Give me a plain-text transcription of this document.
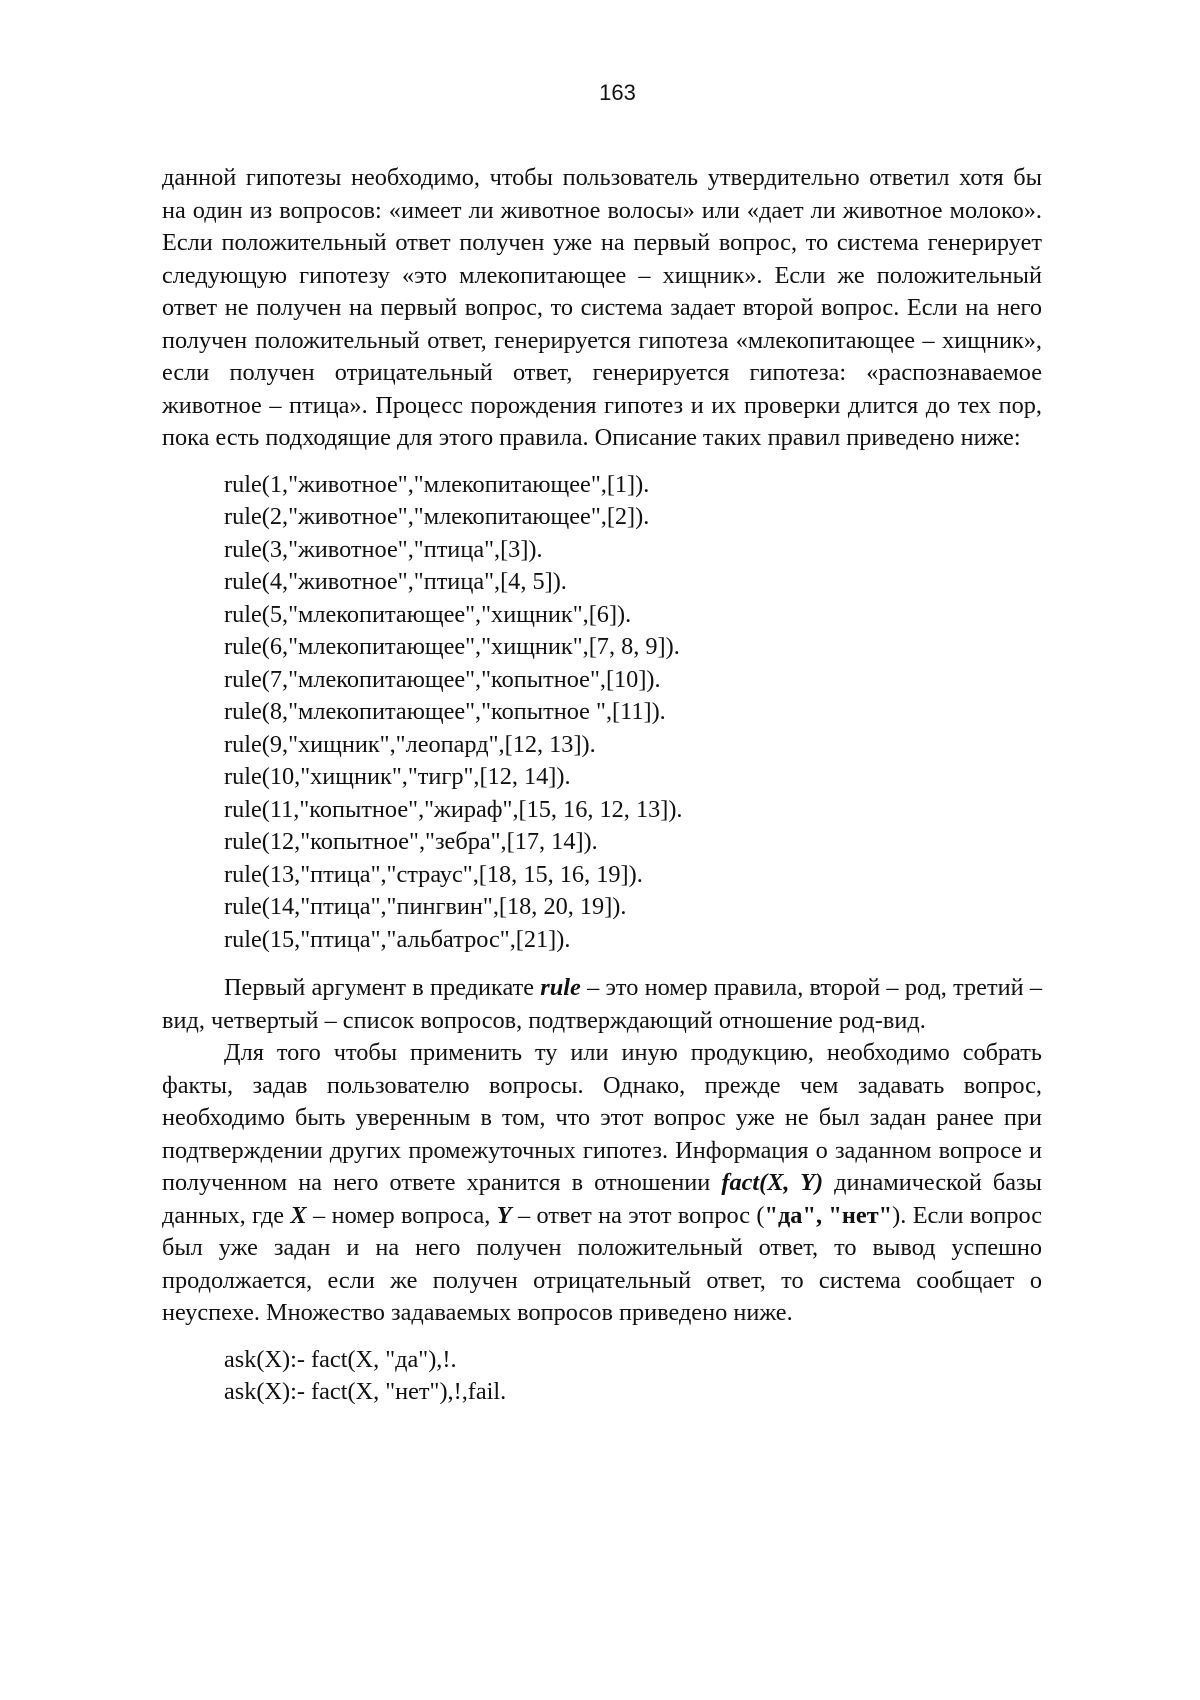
163

данной гипотезы необходимо, чтобы пользователь утвердительно ответил хотя бы на один из вопросов: «имеет ли животное волосы» или «дает ли животное молоко». Если положительный ответ получен уже на первый вопрос, то система генерирует следующую гипотезу «это млекопитающее – хищник». Если же положительный ответ не получен на первый вопрос, то система задает второй вопрос. Если на него получен положительный ответ, генерируется гипотеза «млекопитающее – хищник», если получен отрицательный ответ, генерируется гипотеза: «распознаваемое животное – птица». Процесс порождения гипотез и их проверки длится до тех пор, пока есть подходящие для этого правила. Описание таких правил приведено ниже:

rule(1,"животное","млекопитающее",[1]).
rule(2,"животное","млекопитающее",[2]).
rule(3,"животное","птица",[3]).
rule(4,"животное","птица",[4, 5]).
rule(5,"млекопитающее","хищник",[6]).
rule(6,"млекопитающее","хищник",[7, 8, 9]).
rule(7,"млекопитающее","копытное",[10]).
rule(8,"млекопитающее","копытное ",[11]).
rule(9,"хищник","леопард",[12, 13]).
rule(10,"хищник","тигр",[12, 14]).
rule(11,"копытное","жираф",[15, 16, 12, 13]).
rule(12,"копытное","зебра",[17, 14]).
rule(13,"птица","страус",[18, 15, 16, 19]).
rule(14,"птица","пингвин",[18, 20, 19]).
rule(15,"птица","альбатрос",[21]).

Первый аргумент в предикате rule – это номер правила, второй – род, третий – вид, четвертый – список вопросов, подтверждающий отношение род-вид.

Для того чтобы применить ту или иную продукцию, необходимо собрать факты, задав пользователю вопросы. Однако, прежде чем задавать вопрос, необходимо быть уверенным в том, что этот вопрос уже не был задан ранее при подтверждении других промежуточных гипотез. Информация о заданном вопросе и полученном на него ответе хранится в отношении fact(X, Y) динамической базы данных, где X – номер вопроса, Y – ответ на этот вопрос ("да", "нет"). Если вопрос был уже задан и на него получен положительный ответ, то вывод успешно продолжается, если же получен отрицательный ответ, то система сообщает о неуспехе. Множество задаваемых вопросов приведено ниже.

ask(X):- fact(X, "да"),!.
ask(X):- fact(X, "нет"),!,fail.
